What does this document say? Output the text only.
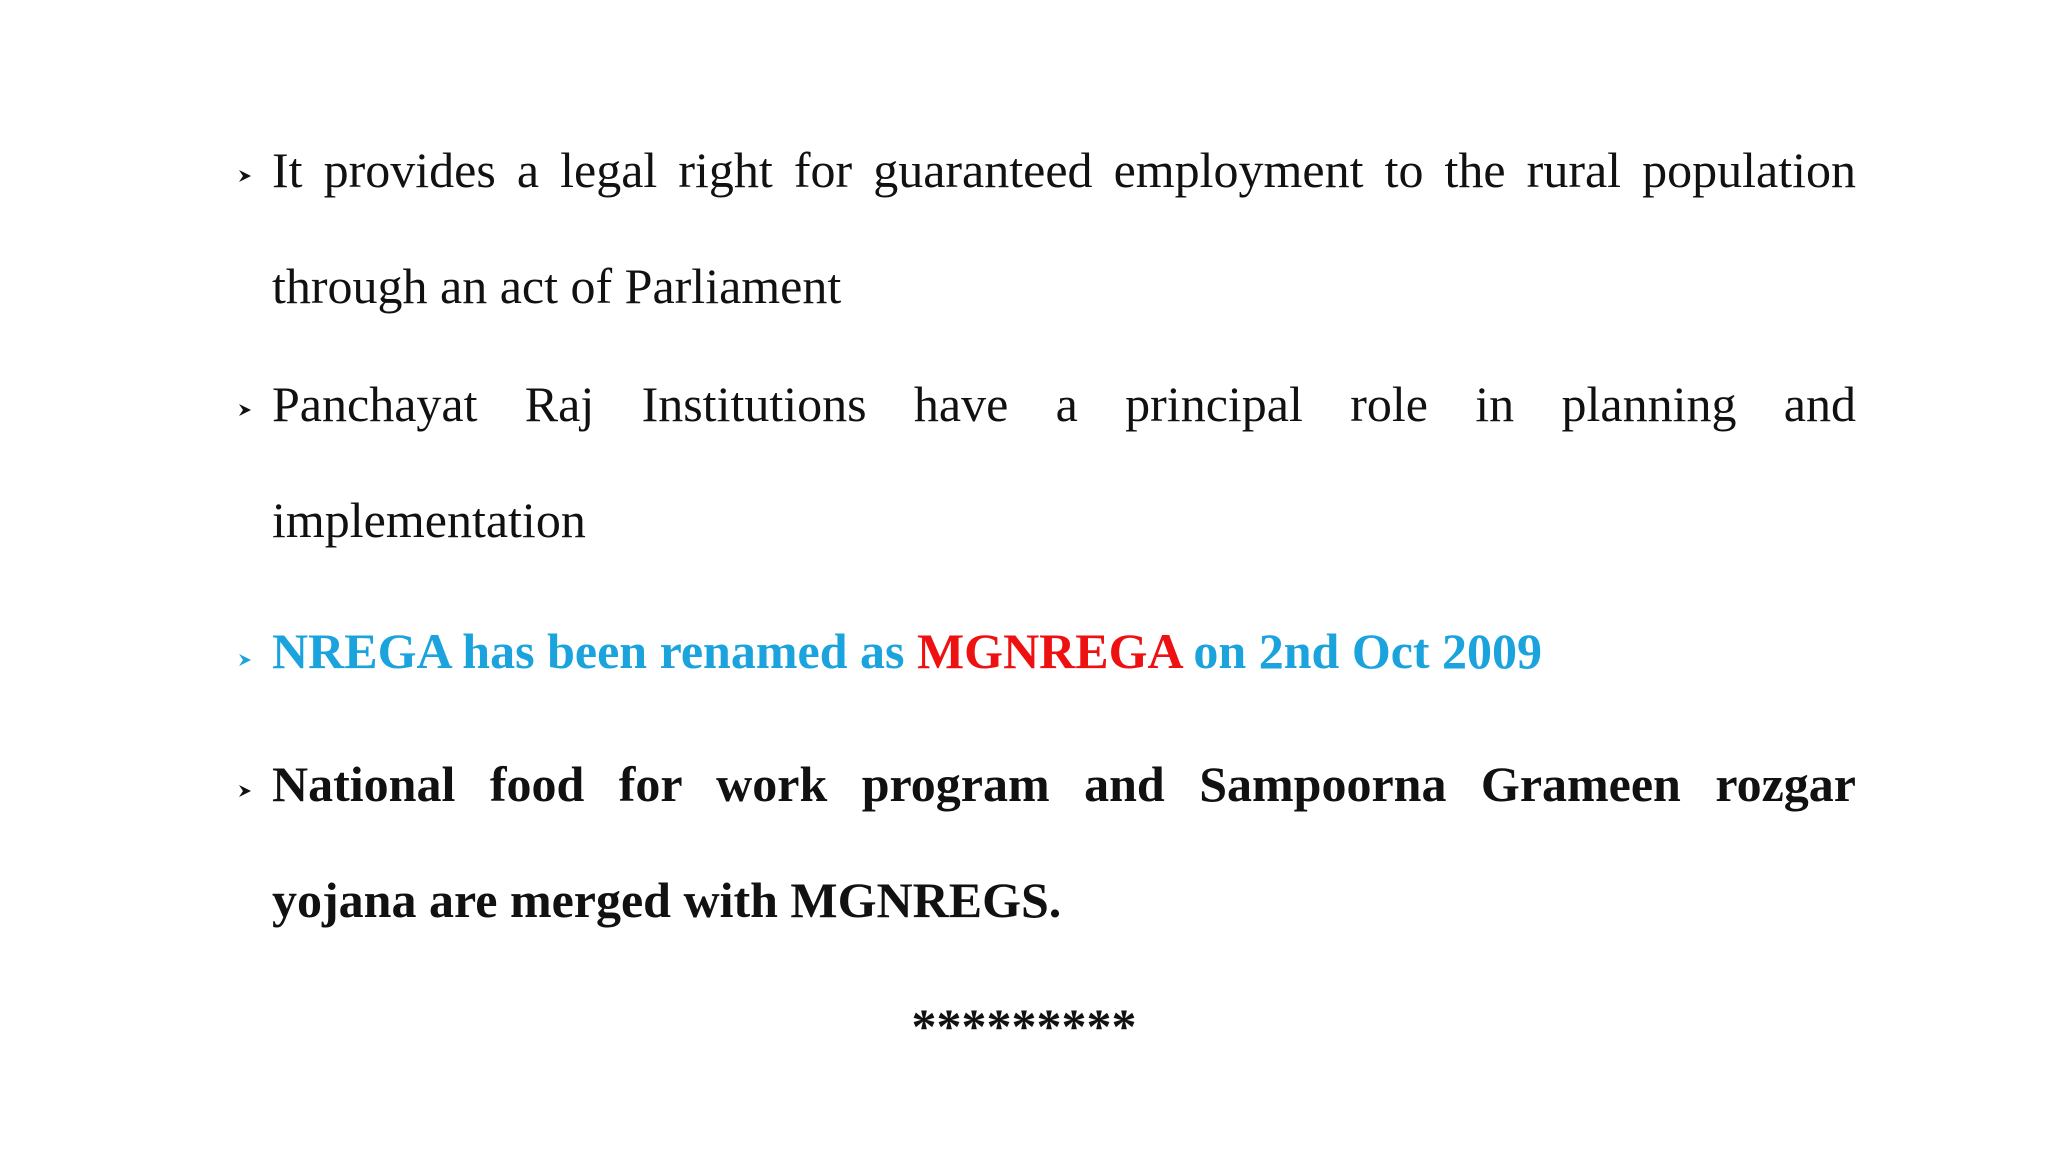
It provides a legal right for guaranteed employment to the rural population
through an act of Parliament
Panchayat Raj Institutions have a principal role in planning and
implementation
NREGA has been renamed as MGNREGA on 2nd Oct 2009
National food for work program and Sampoorna Grameen rozgar
yojana are merged with MGNREGS.
*********
